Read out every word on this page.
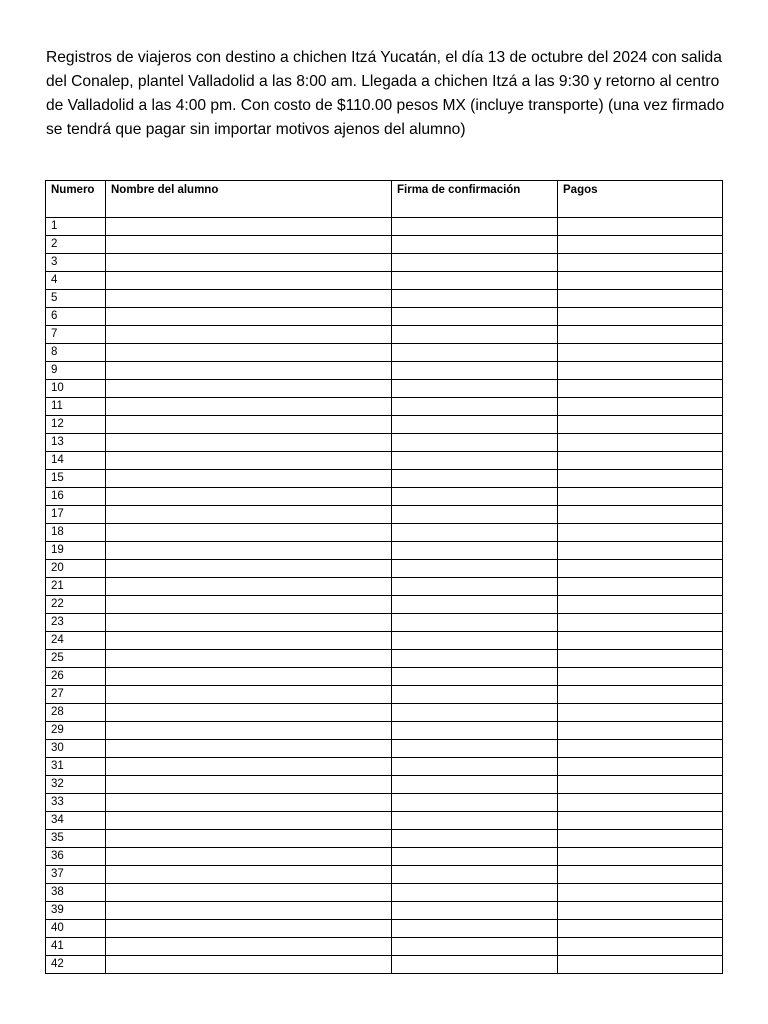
Registros de viajeros con destino a chichen Itzá Yucatán, el día 13 de octubre del 2024 con salida del Conalep, plantel Valladolid a las 8:00 am. Llegada a chichen Itzá a las 9:30 y retorno al centro de Valladolid a las 4:00 pm. Con costo de $110.00 pesos MX (incluye transporte) (una vez firmado se tendrá que pagar sin importar motivos ajenos del alumno)

Numero	Nombre del alumno	Firma de confirmación	Pagos
1			
2			
3			
4			
5			
6			
7			
8			
9			
10			
11			
12			
13			
14			
15			
16			
17			
18			
19			
20			
21			
22			
23			
24			
25			
26			
27			
28			
29			
30			
31			
32			
33			
34			
35			
36			
37			
38			
39			
40			
41			
42			
